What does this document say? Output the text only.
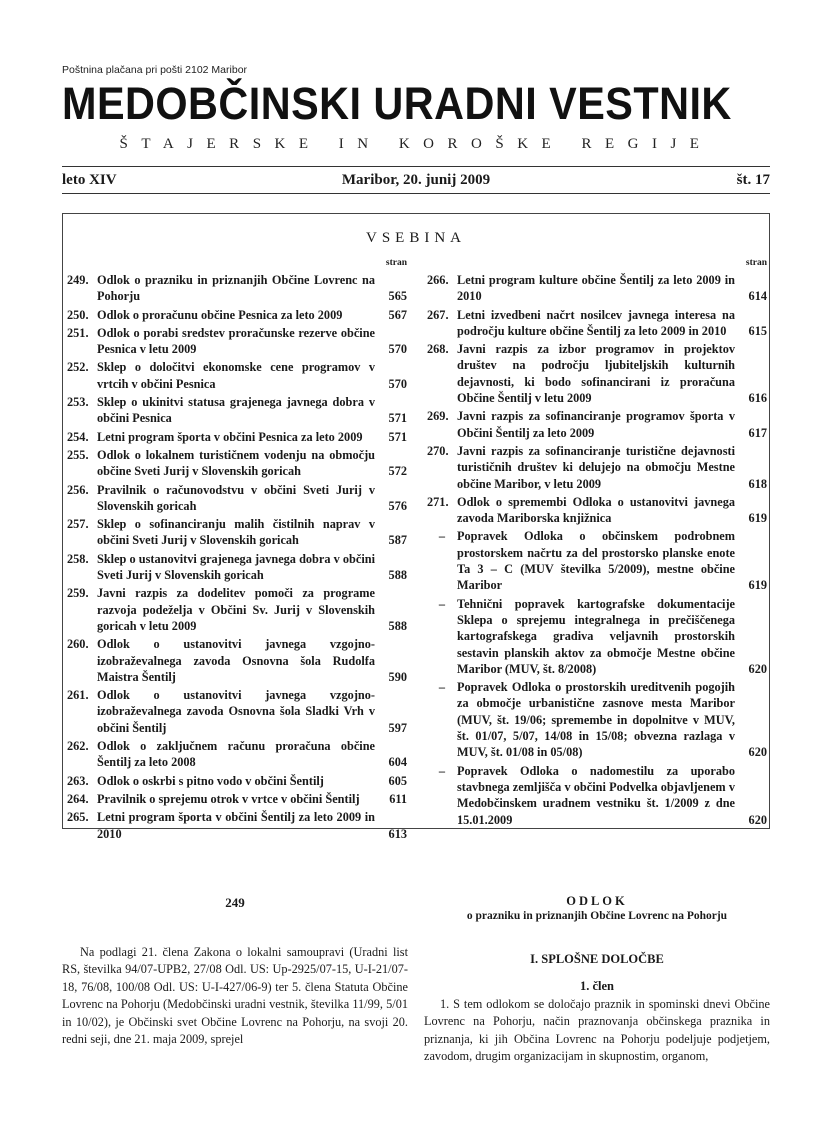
Poštnina plačana pri pošti 2102 Maribor
MEDOBČINSKI URADNI VESTNIK
ŠTAJERSKE IN KOROŠKE REGIJE
leto XIV	Maribor, 20. junij 2009	št. 17
VSEBINA
stran
249. Odlok o prazniku in priznanjih Občine Lovrenc na Pohorju	565
250. Odlok o proračunu občine Pesnica za leto 2009	567
251. Odlok o porabi sredstev proračunske rezerve občine Pesnica v letu 2009	570
252. Sklep o določitvi ekonomske cene programov v vrtcih v občini Pesnica	570
253. Sklep o ukinitvi statusa grajenega javnega dobra v občini Pesnica	571
254. Letni program športa v občini Pesnica za leto 2009	571
255. Odlok o lokalnem turističnem vodenju na območju občine Sveti Jurij v Slovenskih goricah	572
256. Pravilnik o računovodstvu v občini Sveti Jurij v Slovenskih goricah	576
257. Sklep o sofinanciranju malih čistilnih naprav v občini Sveti Jurij v Slovenskih goricah	587
258. Sklep o ustanovitvi grajenega javnega dobra v občini Sveti Jurij v Slovenskih goricah	588
259. Javni razpis za dodelitev pomoči za programe razvoja podeželja v Občini Sv. Jurij v Slovenskih goricah v letu 2009	588
260. Odlok o ustanovitvi javnega vzgojno-izobraževalnega zavoda Osnovna šola Rudolfa Maistra Šentilj	590
261. Odlok o ustanovitvi javnega vzgojno-izobraževalnega zavoda Osnovna šola Sladki Vrh v občini Šentilj	597
262. Odlok o zaključnem računu proračuna občine Šentilj za leto 2008	604
263. Odlok o oskrbi s pitno vodo v občini Šentilj	605
264. Pravilnik o sprejemu otrok v vrtce v občini Šentilj	611
265. Letni program športa v občini Šentilj za leto 2009 in 2010	613
stran
266. Letni program kulture občine Šentilj za leto 2009 in 2010	614
267. Letni izvedbeni načrt nosilcev javnega interesa na področju kulture občine Šentilj za leto 2009 in 2010	615
268. Javni razpis za izbor programov in projektov društev na področju ljubiteljskih kulturnih dejavnosti, ki bodo sofinancirani iz proračuna Občine Šentilj v letu 2009	616
269. Javni razpis za sofinanciranje programov športa v Občini Šentilj za leto 2009	617
270. Javni razpis za sofinanciranje turistične dejavnosti turističnih društev ki delujejo na območju Mestne občine Maribor, v letu 2009	618
271. Odlok o spremembi Odloka o ustanovitvi javnega zavoda Mariborska knjižnica	619
– Popravek Odloka o občinskem podrobnem prostorskem načrtu za del prostorsko planske enote Ta 3 – C (MUV številka 5/2009), mestne občine Maribor	619
– Tehnični popravek kartografske dokumentacije Sklepa o sprejemu integralnega in prečiščenega kartografskega gradiva veljavnih prostorskih sestavin planskih aktov za območje Mestne občine Maribor (MUV, št. 8/2008)	620
– Popravek Odloka o prostorskih ureditvenih pogojih za območje urbanistične zasnove mesta Maribor (MUV, št. 19/06; spremembe in dopolnitve v MUV, št. 01/07, 5/07, 14/08 in 15/08; obvezna razlaga v MUV, št. 01/08 in 05/08)	620
– Popravek Odloka o nadomestilu za uporabo stavbnega zemljišča v občini Podvelka objavljenem v Medobčinskem uradnem vestniku št. 1/2009 z dne 15.01.2009	620
249

Na podlagi 21. člena Zakona o lokalni samoupravi (Uradni list RS, številka 94/07-UPB2, 27/08 Odl. US: Up-2925/07-15, U-I-21/07-18, 76/08, 100/08 Odl. US: U-I-427/06-9) ter 5. člena Statuta Občine Lovrenc na Pohorju (Medobčinski uradni vestnik, številka 11/99, 5/01 in 10/02), je Občinski svet Občine Lovrenc na Pohorju, na svoji 20. redni seji, dne 21. maja 2009, sprejel

ODLOK
o prazniku in priznanjih Občine Lovrenc na Pohorju
I. SPLOŠNE DOLOČBE
1. člen

1. S tem odlokom se določajo praznik in spominski dnevi Občine Lovrenc na Pohorju, način praznovanja občinskega praznika in priznanja, ki jih Občina Lovrenc na Pohorju podeljuje podjetjem, zavodom, drugim organizacijam in skupnostim, organom,
